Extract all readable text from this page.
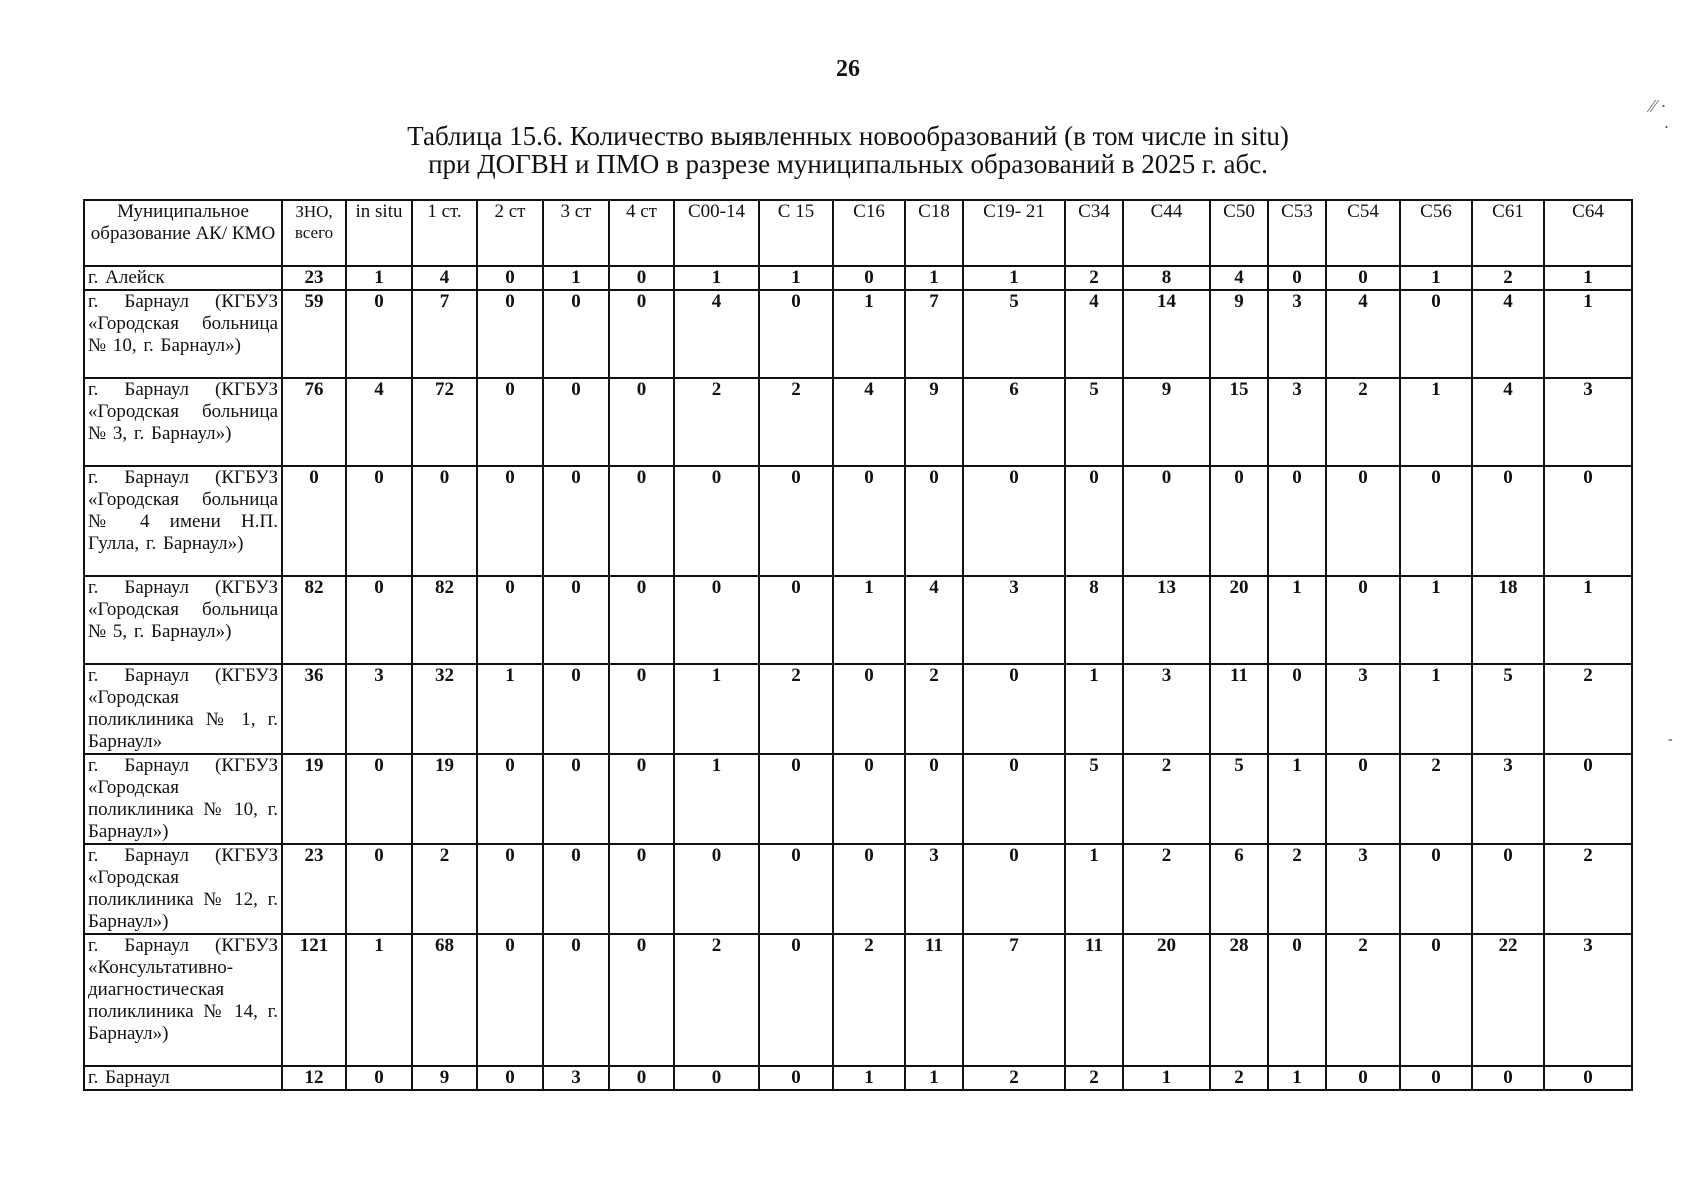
26
Таблица 15.6. Количество выявленных новообразований (в том числе in situ)
при ДОГВН и ПМО в разрезе муниципальных образований в 2025 г. абс.
⁄⁄ ·
·
-
Муниципальное образование АК/ КМО	ЗНО, всего	in situ	1 ст.	2 ст	3 ст	4 ст	С00-14	С 15	С16	С18	С19- 21	С34	С44	С50	С53	С54	С56	С61	С64
г. Алейск	23	1	4	0	1	0	1	1	0	1	1	2	8	4	0	0	1	2	1
г. Барнаул (КГБУЗ «Городская больница № 10, г. Барнаул»)	59	0	7	0	0	0	4	0	1	7	5	4	14	9	3	4	0	4	1
г. Барнаул (КГБУЗ «Городская больница № 3, г. Барнаул»)	76	4	72	0	0	0	2	2	4	9	6	5	9	15	3	2	1	4	3
г. Барнаул (КГБУЗ «Городская больница № 4 имени Н.П. Гулла, г. Барнаул»)	0	0	0	0	0	0	0	0	0	0	0	0	0	0	0	0	0	0	0
г. Барнаул (КГБУЗ «Городская больница № 5, г. Барнаул»)	82	0	82	0	0	0	0	0	1	4	3	8	13	20	1	0	1	18	1
г. Барнаул (КГБУЗ «Городская поликлиника № 1, г. Барнаул»	36	3	32	1	0	0	1	2	0	2	0	1	3	11	0	3	1	5	2
г. Барнаул (КГБУЗ «Городская поликлиника № 10, г. Барнаул»)	19	0	19	0	0	0	1	0	0	0	0	5	2	5	1	0	2	3	0
г. Барнаул (КГБУЗ «Городская поликлиника № 12, г. Барнаул»)	23	0	2	0	0	0	0	0	0	3	0	1	2	6	2	3	0	0	2
г. Барнаул (КГБУЗ «Консультативно-диагностическая поликлиника № 14, г. Барнаул»)	121	1	68	0	0	0	2	0	2	11	7	11	20	28	0	2	0	22	3
г. Барнаул	12	0	9	0	3	0	0	0	1	1	2	2	1	2	1	0	0	0	0
